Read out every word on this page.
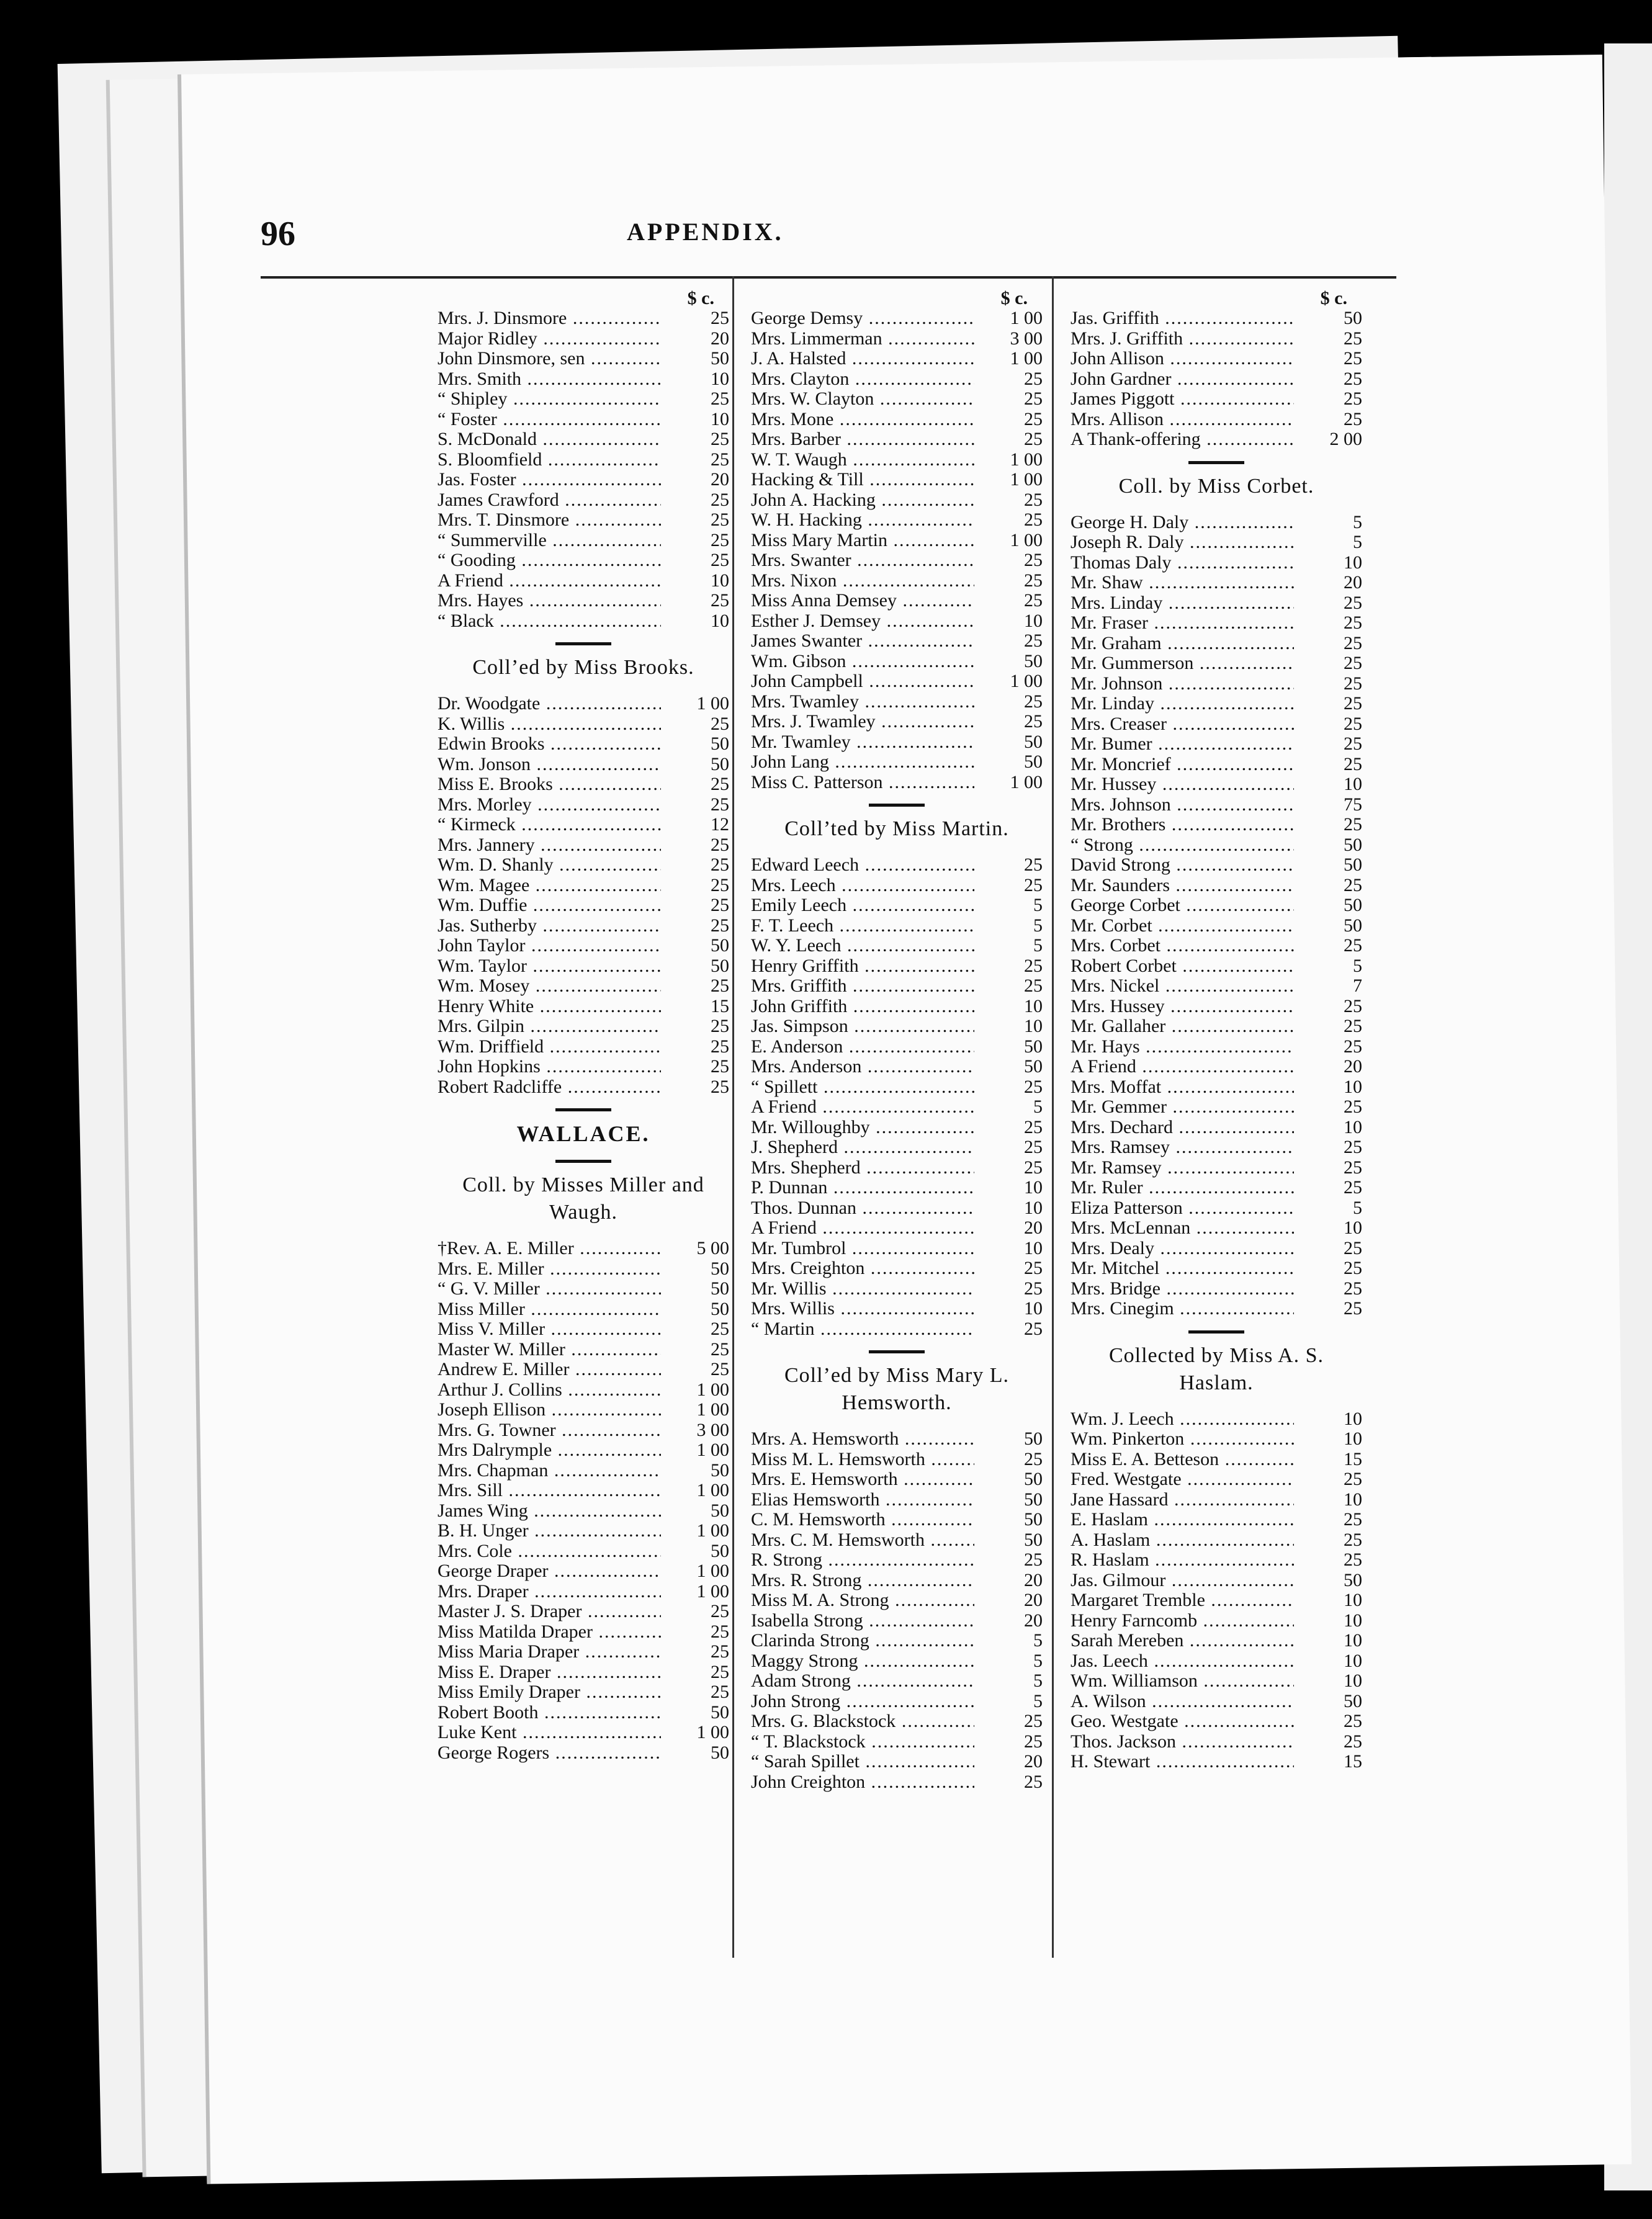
96	APPENDIX.
$ c.
Mrs. J. Dinsmore .....	25
Major Ridley .....	20
John Dinsmore, sen .....	50
Mrs. Smith .....	10
“ Shipley .....	25
“ Foster .....	10
S. McDonald .....	25
S. Bloomfield .....	25
Jas. Foster .....	20
James Crawford .....	25
Mrs. T. Dinsmore .....	25
“ Summerville .....	25
“ Gooding .....	25
A Friend .....	10
Mrs. Hayes .....	25
“ Black .....	10
Coll’ed by Miss Brooks.
Dr. Woodgate .....	1 00
K. Willis .....	25
Edwin Brooks .....	50
Wm. Jonson .....	50
Miss E. Brooks .....	25
Mrs. Morley .....	25
“ Kirmeck .....	12
Mrs. Jannery .....	25
Wm. D. Shanly .....	25
Wm. Magee .....	25
Wm. Duffie .....	25
Jas. Sutherby .....	25
John Taylor .....	50
Wm. Taylor .....	50
Wm. Mosey .....	25
Henry White .....	15
Mrs. Gilpin .....	25
Wm. Driffield .....	25
John Hopkins .....	25
Robert Radcliffe .....	25
WALLACE.
Coll. by Misses Miller and Waugh.
†Rev. A. E. Miller .....	5 00
Mrs. E. Miller .....	50
“ G. V. Miller .....	50
Miss Miller .....	50
Miss V. Miller .....	25
Master W. Miller .....	25
Andrew E. Miller .....	25
Arthur J. Collins .....	1 00
Joseph Ellison .....	1 00
Mrs. G. Towner .....	3 00
Mrs Dalrymple .....	1 00
Mrs. Chapman .....	50
Mrs. Sill .....	1 00
James Wing .....	50
B. H. Unger .....	1 00
Mrs. Cole .....	50
George Draper .....	1 00
Mrs. Draper .....	1 00
Master J. S. Draper .....	25
Miss Matilda Draper .....	25
Miss Maria Draper .....	25
Miss E. Draper .....	25
Miss Emily Draper .....	25
Robert Booth .....	50
Luke Kent .....	1 00
George Rogers .....	50
$ c.
George Demsy .....	1 00
Mrs. Limmerman .....	3 00
J. A. Halsted .....	1 00
Mrs. Clayton .....	25
Mrs. W. Clayton .....	25
Mrs. Mone .....	25
Mrs. Barber .....	25
W. T. Waugh .....	1 00
Hacking & Till .....	1 00
John A. Hacking .....	25
W. H. Hacking .....	25
Miss Mary Martin .....	1 00
Mrs. Swanter .....	25
Mrs. Nixon .....	25
Miss Anna Demsey .....	25
Esther J. Demsey .....	10
James Swanter .....	25
Wm. Gibson .....	50
John Campbell .....	1 00
Mrs. Twamley .....	25
Mrs. J. Twamley .....	25
Mr. Twamley .....	50
John Lang .....	50
Miss C. Patterson .....	1 00
Coll’ted by Miss Martin.
Edward Leech .....	25
Mrs. Leech .....	25
Emily Leech .....	5
F. T. Leech .....	5
W. Y. Leech .....	5
Henry Griffith .....	25
Mrs. Griffith .....	25
John Griffith .....	10
Jas. Simpson .....	10
E. Anderson .....	50
Mrs. Anderson .....	50
“ Spillett .....	25
A Friend .....	5
Mr. Willoughby .....	25
J. Shepherd .....	25
Mrs. Shepherd .....	25
P. Dunnan .....	10
Thos. Dunnan .....	10
A Friend .....	20
Mr. Tumbrol .....	10
Mrs. Creighton .....	25
Mr. Willis .....	25
Mrs. Willis .....	10
“ Martin .....	25
Coll’ed by Miss Mary L. Hemsworth.
Mrs. A. Hemsworth .....	50
Miss M. L. Hemsworth .....	25
Mrs. E. Hemsworth .....	50
Elias Hemsworth .....	50
C. M. Hemsworth .....	50
Mrs. C. M. Hemsworth .....	50
R. Strong .....	25
Mrs. R. Strong .....	20
Miss M. A. Strong .....	20
Isabella Strong .....	20
Clarinda Strong .....	5
Maggy Strong .....	5
Adam Strong .....	5
John Strong .....	5
Mrs. G. Blackstock .....	25
“ T. Blackstock .....	25
“ Sarah Spillet .....	20
John Creighton .....	25
$ c.
Jas. Griffith .....	50
Mrs. J. Griffith .....	25
John Allison .....	25
John Gardner .....	25
James Piggott .....	25
Mrs. Allison .....	25
A Thank-offering .....	2 00
Coll. by Miss Corbet.
George H. Daly .....	5
Joseph R. Daly .....	5
Thomas Daly .....	10
Mr. Shaw .....	20
Mrs. Linday .....	25
Mr. Fraser .....	25
Mr. Graham .....	25
Mr. Gummerson .....	25
Mr. Johnson .....	25
Mr. Linday .....	25
Mrs. Creaser .....	25
Mr. Bumer .....	25
Mr. Moncrief .....	25
Mr. Hussey .....	10
Mrs. Johnson .....	75
Mr. Brothers .....	25
“ Strong .....	50
David Strong .....	50
Mr. Saunders .....	25
George Corbet .....	50
Mr. Corbet .....	50
Mrs. Corbet .....	25
Robert Corbet .....	5
Mrs. Nickel .....	7
Mrs. Hussey .....	25
Mr. Gallaher .....	25
Mr. Hays .....	25
A Friend .....	20
Mrs. Moffat .....	10
Mr. Gemmer .....	25
Mrs. Dechard .....	10
Mrs. Ramsey .....	25
Mr. Ramsey .....	25
Mr. Ruler .....	25
Eliza Patterson .....	5
Mrs. McLennan .....	10
Mrs. Dealy .....	25
Mr. Mitchel .....	25
Mrs. Bridge .....	25
Mrs. Cinegim .....	25
Collected by Miss A. S. Haslam.
Wm. J. Leech .....	10
Wm. Pinkerton .....	10
Miss E. A. Betteson .....	15
Fred. Westgate .....	25
Jane Hassard .....	10
E. Haslam .....	25
A. Haslam .....	25
R. Haslam .....	25
Jas. Gilmour .....	50
Margaret Tremble .....	10
Henry Farncomb .....	10
Sarah Mereben .....	10
Jas. Leech .....	10
Wm. Williamson .....	10
A. Wilson .....	50
Geo. Westgate .....	25
Thos. Jackson .....	25
H. Stewart .....	15
